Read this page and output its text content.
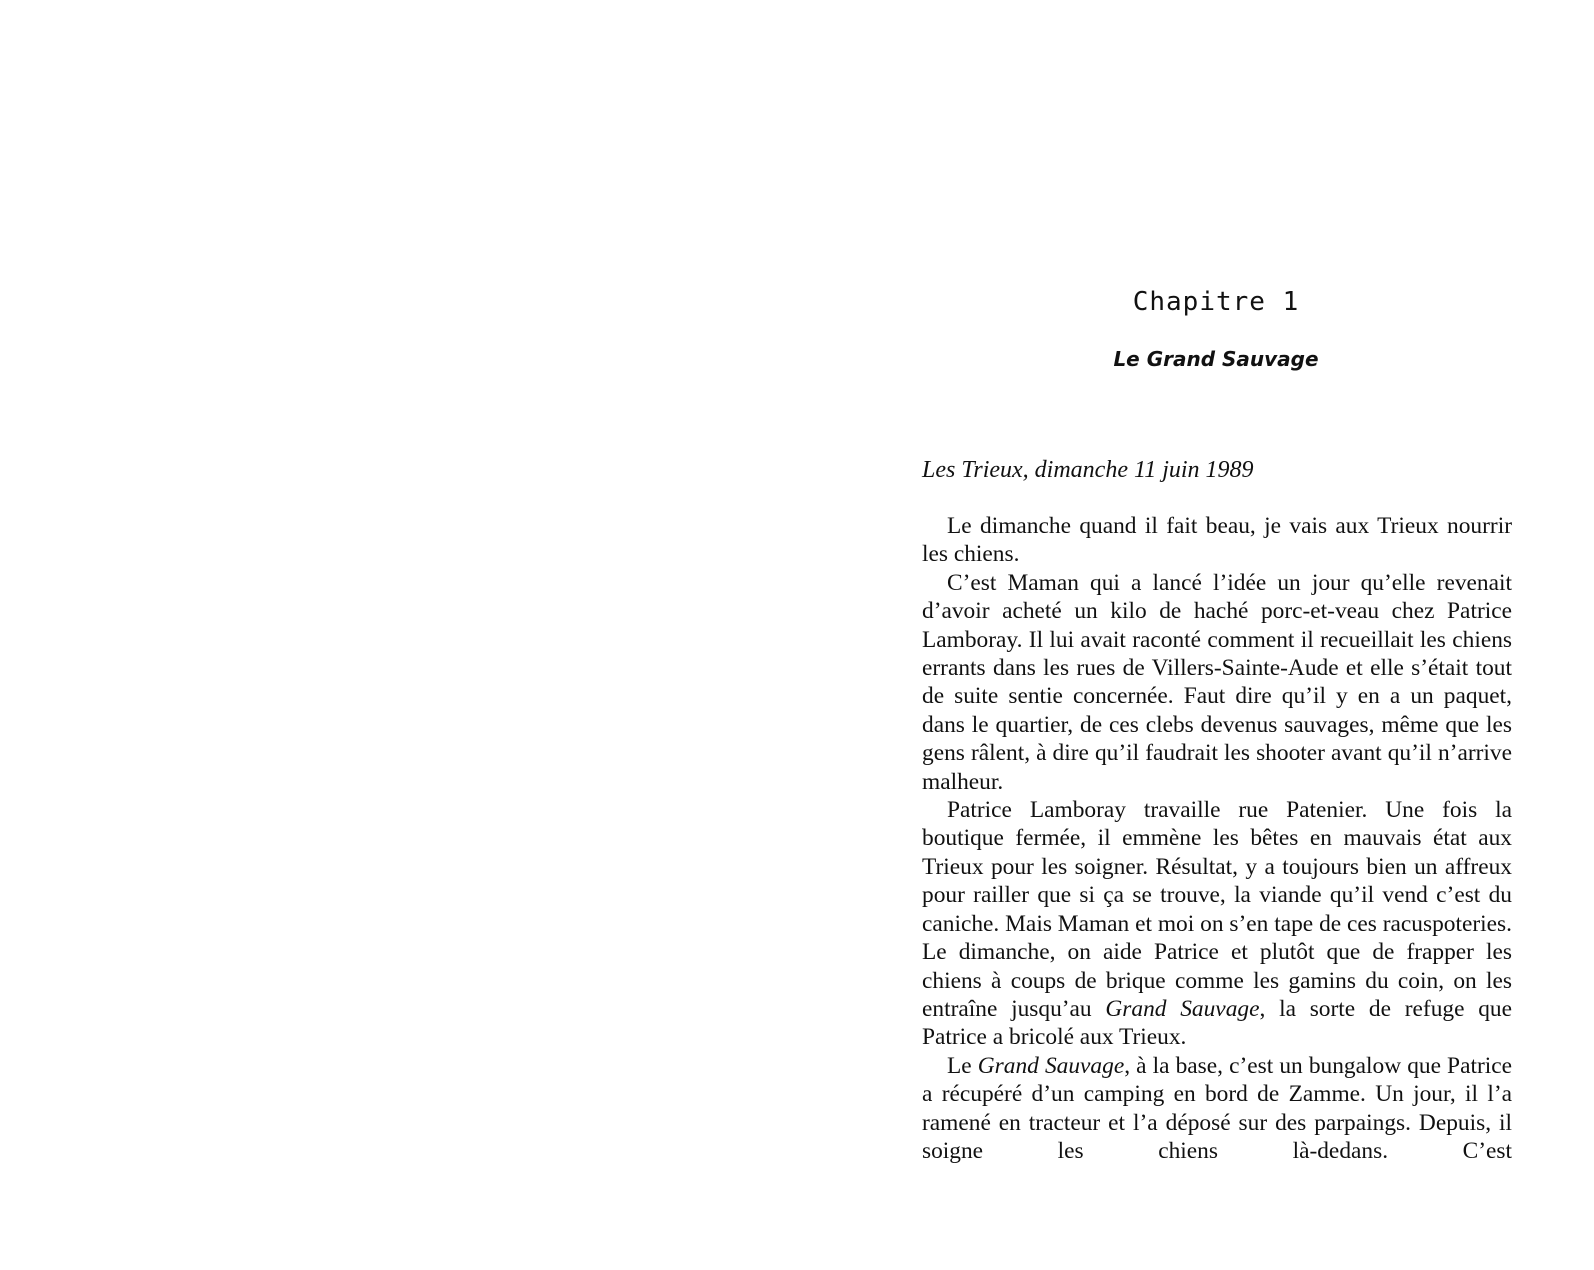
Chapitre 1
Le Grand Sauvage
Les Trieux, dimanche 11 juin 1989

Le dimanche quand il fait beau, je vais aux Trieux nourrir les chiens.

C’est Maman qui a lancé l’idée un jour qu’elle revenait d’avoir acheté un kilo de haché porc-et-veau chez Patrice Lamboray. Il lui avait raconté comment il recueillait les chiens errants dans les rues de Villers-Sainte-Aude et elle s’était tout de suite sentie concernée. Faut dire qu’il y en a un paquet, dans le quartier, de ces clebs devenus sauvages, même que les gens râlent, à dire qu’il faudrait les shooter avant qu’il n’arrive malheur.

Patrice Lamboray travaille rue Patenier. Une fois la boutique fermée, il emmène les bêtes en mauvais état aux Trieux pour les soigner. Résultat, y a toujours bien un affreux pour railler que si ça se trouve, la viande qu’il vend c’est du caniche. Mais Maman et moi on s’en tape de ces racuspoteries. Le dimanche, on aide Patrice et plutôt que de frapper les chiens à coups de brique comme les gamins du coin, on les entraîne jusqu’au Grand Sauvage, la sorte de refuge que Patrice a bricolé aux Trieux.

Le Grand Sauvage, à la base, c’est un bungalow que Patrice a récupéré d’un camping en bord de Zamme. Un jour, il l’a ramené en tracteur et l’a déposé sur des parpaings. Depuis, il soigne les chiens là-dedans. C’est
